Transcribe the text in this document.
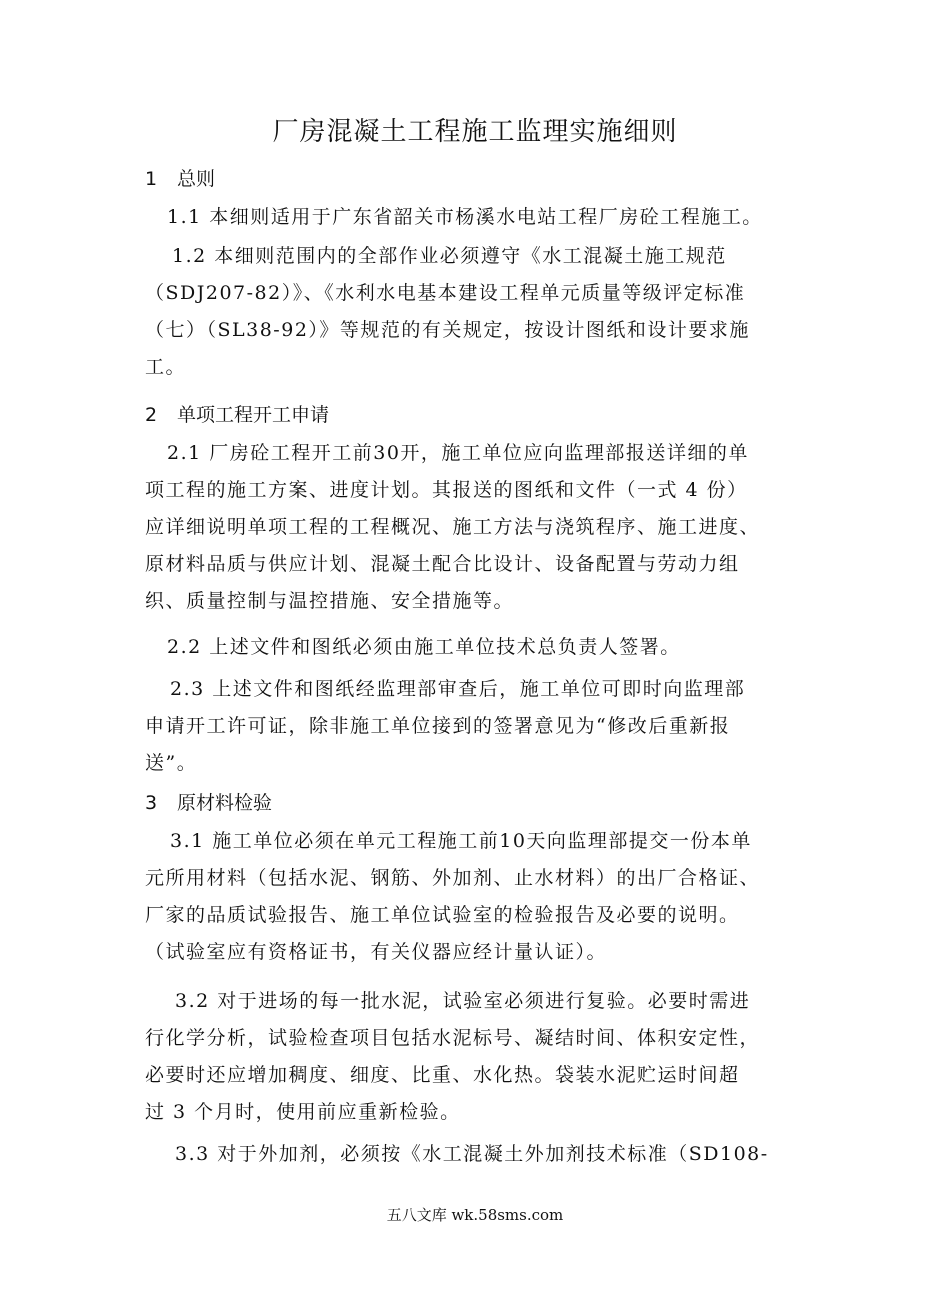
厂房混凝土工程施工监理实施细则
1 总则
1.1 本细则适用于广东省韶关市杨溪水电站工程厂房砼工程施工。
1.2 本细则范围内的全部作业必须遵守《水工混凝土施工规范
（SDJ207-82）》、《水利水电基本建设工程单元质量等级评定标准
（七）（SL38-92）》等规范的有关规定，按设计图纸和设计要求施
工。
2 单项工程开工申请
2.1 厂房砼工程开工前30开，施工单位应向监理部报送详细的单
项工程的施工方案、进度计划。其报送的图纸和文件（一式 4 份）
应详细说明单项工程的工程概况、施工方法与浇筑程序、施工进度、
原材料品质与供应计划、混凝土配合比设计、设备配置与劳动力组
织、质量控制与温控措施、安全措施等。
2.2 上述文件和图纸必须由施工单位技术总负责人签署。
2.3 上述文件和图纸经监理部审查后，施工单位可即时向监理部
申请开工许可证，除非施工单位接到的签署意见为“修改后重新报
送”。
3 原材料检验
3.1 施工单位必须在单元工程施工前10天向监理部提交一份本单
元所用材料（包括水泥、钢筋、外加剂、止水材料）的出厂合格证、
厂家的品质试验报告、施工单位试验室的检验报告及必要的说明。
（试验室应有资格证书，有关仪器应经计量认证）。
3.2 对于进场的每一批水泥，试验室必须进行复验。必要时需进
行化学分析，试验检查项目包括水泥标号、凝结时间、体积安定性，
必要时还应增加稠度、细度、比重、水化热。袋装水泥贮运时间超
过 3 个月时，使用前应重新检验。
3.3 对于外加剂，必须按《水工混凝土外加剂技术标准（SD108-
五八文库 wk.58sms.com
